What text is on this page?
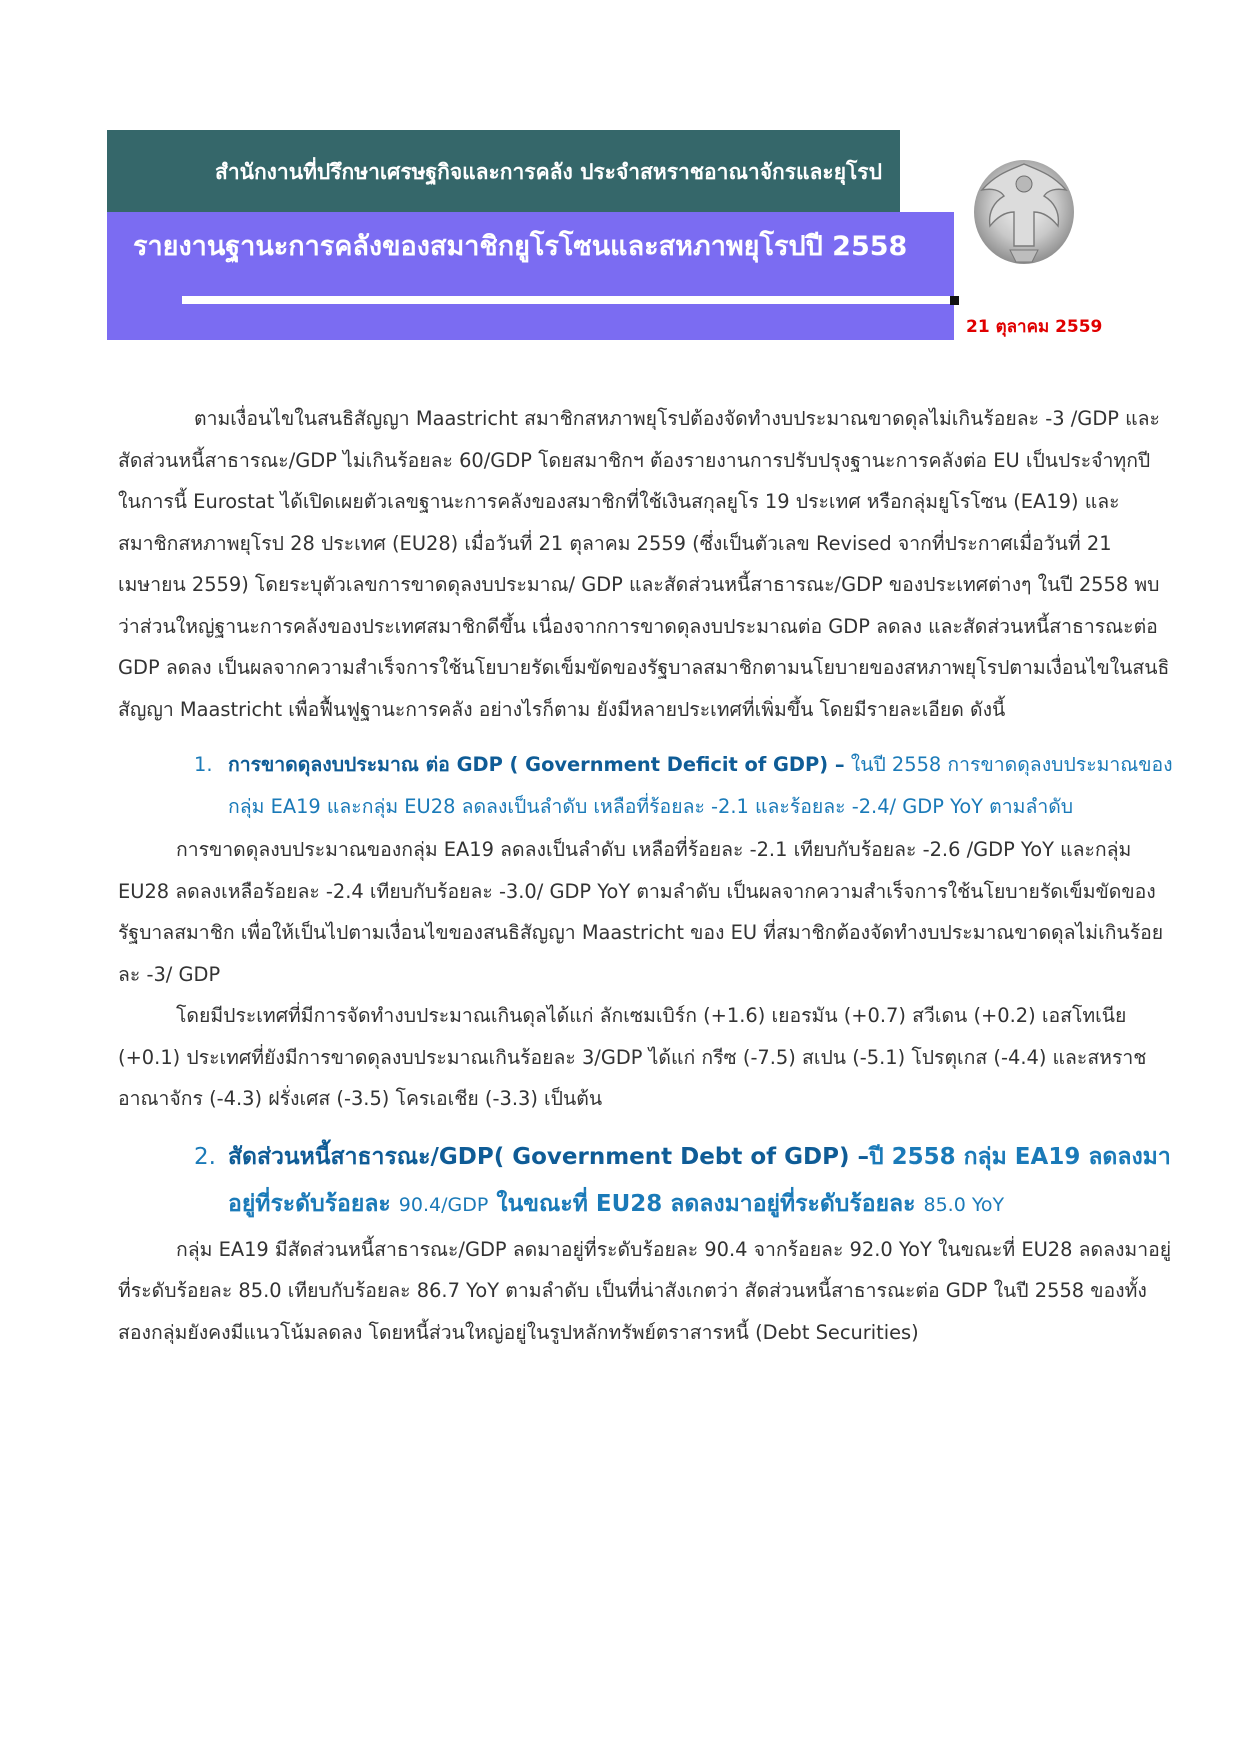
สำนักงานที่ปรึกษาเศรษฐกิจและการคลัง ประจำสหราชอาณาจักรและยุโรป
รายงานฐานะการคลังของสมาชิกยูโรโซนและสหภาพยุโรปปี 2558
21 ตุลาคม 2559

ตามเงื่อนไขในสนธิสัญญา Maastricht สมาชิกสหภาพยุโรปต้องจัดทำงบประมาณขาดดุลไม่เกินร้อยละ -3 /GDP และสัดส่วนหนี้สาธารณะ/GDP ไม่เกินร้อยละ 60/GDP โดยสมาชิกฯ ต้องรายงานการปรับปรุงฐานะการคลังต่อ EU เป็นประจำทุกปี ในการนี้ Eurostat ได้เปิดเผยตัวเลขฐานะการคลังของสมาชิกที่ใช้เงินสกุลยูโร 19 ประเทศ หรือกลุ่มยูโรโซน (EA19) และสมาชิกสหภาพยุโรป 28 ประเทศ (EU28) เมื่อวันที่ 21 ตุลาคม 2559 (ซึ่งเป็นตัวเลข Revised จากที่ประกาศเมื่อวันที่ 21 เมษายน 2559) โดยระบุตัวเลขการขาดดุลงบประมาณ/ GDP และสัดส่วนหนี้สาธารณะ/GDP ของประเทศต่างๆ ในปี 2558 พบว่าส่วนใหญ่ฐานะการคลังของประเทศสมาชิกดีขึ้น เนื่องจากการขาดดุลงบประมาณต่อ GDP ลดลง และสัดส่วนหนี้สาธารณะต่อ GDP ลดลง เป็นผลจากความสำเร็จการใช้นโยบายรัดเข็มขัดของรัฐบาลสมาชิกตามนโยบายของสหภาพยุโรปตามเงื่อนไขในสนธิสัญญา Maastricht เพื่อฟื้นฟูฐานะการคลัง อย่างไรก็ตาม ยังมีหลายประเทศที่เพิ่มขึ้น โดยมีรายละเอียด ดังนี้

1. การขาดดุลงบประมาณ ต่อ GDP ( Government Deficit of GDP) – ในปี 2558 การขาดดุลงบประมาณของกลุ่ม EA19 และกลุ่ม EU28 ลดลงเป็นลำดับ เหลือที่ร้อยละ -2.1 และร้อยละ -2.4/ GDP YoY ตามลำดับ

การขาดดุลงบประมาณของกลุ่ม EA19 ลดลงเป็นลำดับ เหลือที่ร้อยละ -2.1 เทียบกับร้อยละ -2.6 /GDP YoY และกลุ่ม EU28 ลดลงเหลือร้อยละ -2.4 เทียบกับร้อยละ -3.0/ GDP YoY ตามลำดับ เป็นผลจากความสำเร็จการใช้นโยบายรัดเข็มขัดของรัฐบาลสมาชิก เพื่อให้เป็นไปตามเงื่อนไขของสนธิสัญญา Maastricht ของ EU ที่สมาชิกต้องจัดทำงบประมาณขาดดุลไม่เกินร้อยละ -3/ GDP

โดยมีประเทศที่มีการจัดทำงบประมาณเกินดุลได้แก่ ลักเซมเบิร์ก (+1.6) เยอรมัน (+0.7) สวีเดน (+0.2) เอสโทเนีย (+0.1) ประเทศที่ยังมีการขาดดุลงบประมาณเกินร้อยละ 3/GDP ได้แก่ กรีซ (-7.5) สเปน (-5.1) โปรตุเกส (-4.4) และสหราชอาณาจักร (-4.3) ฝรั่งเศส (-3.5) โครเอเชีย (-3.3) เป็นต้น

2. สัดส่วนหนี้สาธารณะ/GDP( Government Debt of GDP) –ปี 2558 กลุ่ม EA19 ลดลงมาอยู่ที่ระดับร้อยละ 90.4/GDP ในขณะที่ EU28 ลดลงมาอยู่ที่ระดับร้อยละ 85.0 YoY

กลุ่ม EA19 มีสัดส่วนหนี้สาธารณะ/GDP ลดมาอยู่ที่ระดับร้อยละ 90.4 จากร้อยละ 92.0 YoY ในขณะที่ EU28 ลดลงมาอยู่ที่ระดับร้อยละ 85.0 เทียบกับร้อยละ 86.7 YoY ตามลำดับ เป็นที่น่าสังเกตว่า สัดส่วนหนี้สาธารณะต่อ GDP ในปี 2558 ของทั้งสองกลุ่มยังคงมีแนวโน้มลดลง โดยหนี้ส่วนใหญ่อยู่ในรูปหลักทรัพย์ตราสารหนี้ (Debt Securities)
